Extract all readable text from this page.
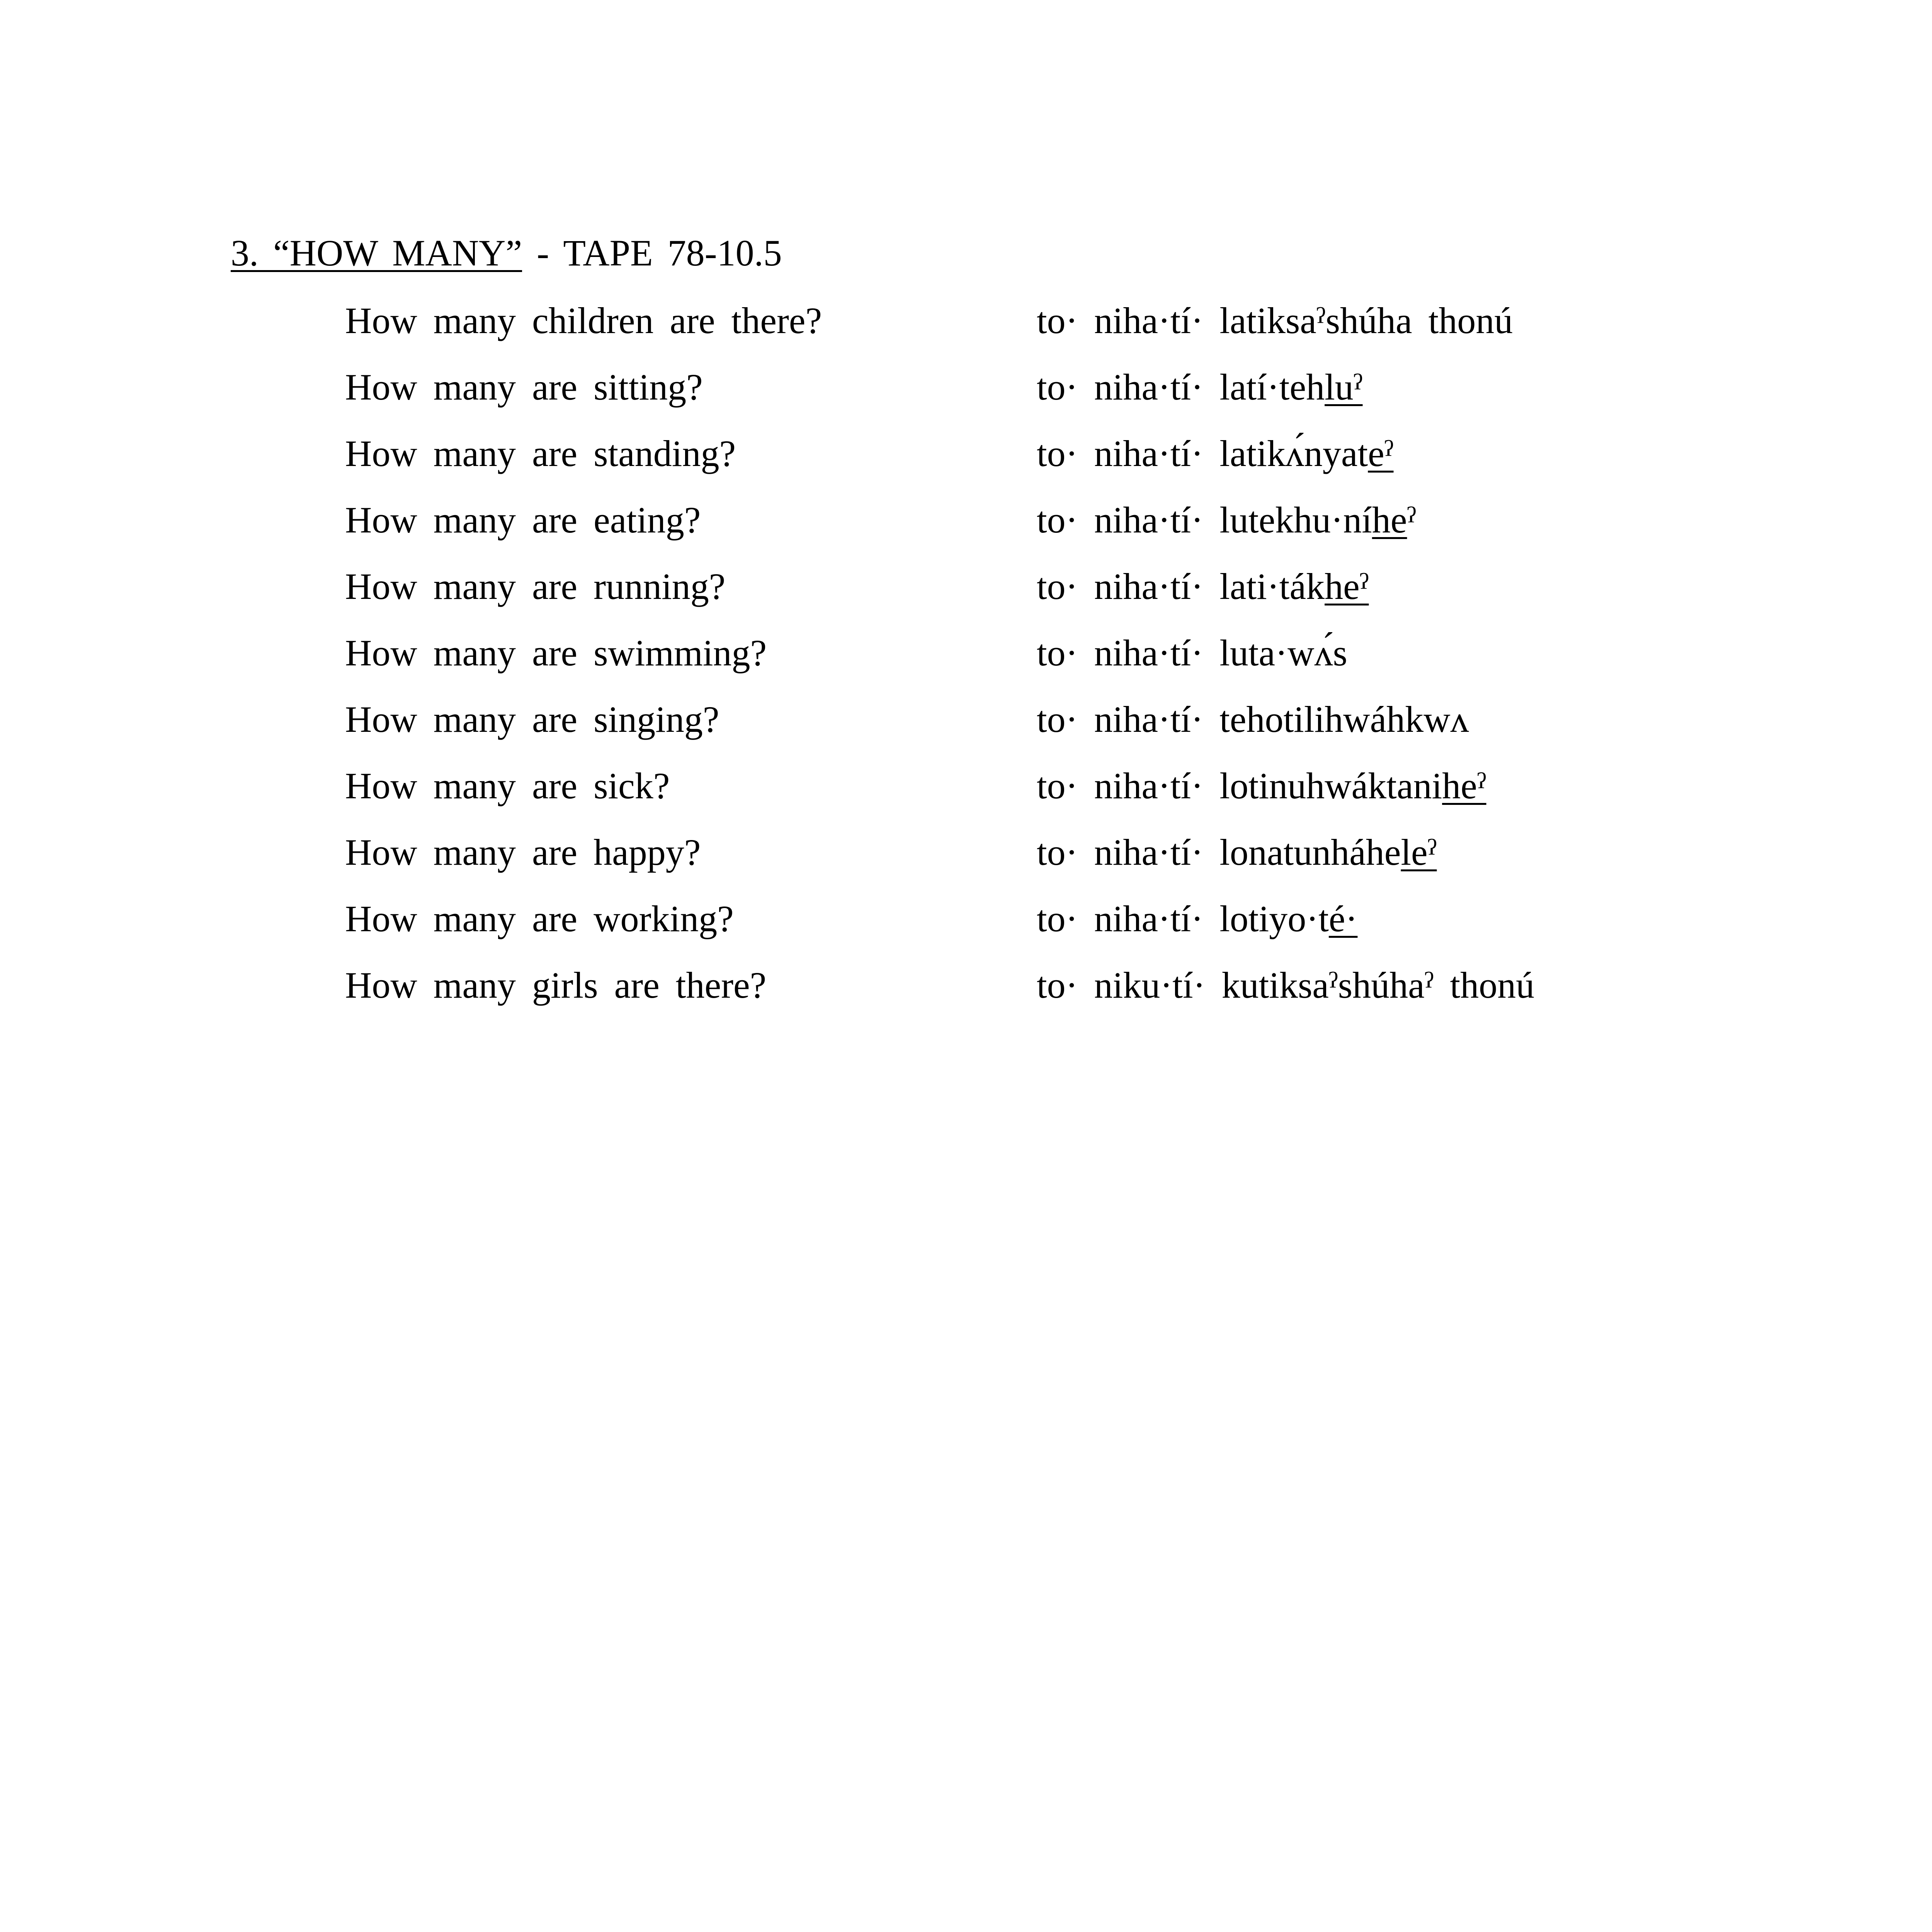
3. “HOW MANY” - TAPE 78-10.5
How many children are there?	to· niha·tí· latiksaˀshúha thonú
How many are sitting?	to· niha·tí· latí·tehluˀ
How many are standing?	to· niha·tí· latikʌ́nyateˀ
How many are eating?	to· niha·tí· lutekhu·níheˀ
How many are running?	to· niha·tí· lati·tákheˀ
How many are swimming?	to· niha·tí· luta·wʌ́s
How many are singing?	to· niha·tí· tehotilihwáhkwʌ
How many are sick?	to· niha·tí· lotinuhwáktaniheˀ
How many are happy?	to· niha·tí· lonatunháheleˀ
How many are working?	to· niha·tí· lotiyo·té·
How many girls are there?	to· niku·tí· kutiksaˀshúhaˀ thonú
